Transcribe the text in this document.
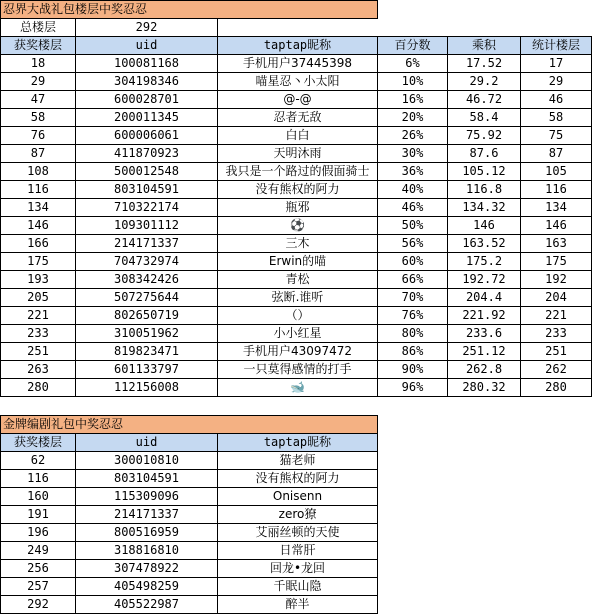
忍界大战礼包楼层中奖忍忍					
总楼层	292				
获奖楼层	uid	taptap昵称	百分数	乘积	统计楼层
18	100081168	手机用户37445398	6%	17.52	17
29	304198346	喵星忍丶小太阳	10%	29.2	29
47	600028701	@-@	16%	46.72	46
58	200011345	忍者无敌	20%	58.4	58
76	600006061	白白	26%	75.92	75
87	411870923	天明沐雨	30%	87.6	87
108	500012548	我只是一个路过的假面骑士	36%	105.12	105
116	803104591	没有熊权的阿力	40%	116.8	116
134	710322174	瓶邪	46%	134.32	134
146	109301112	⚽	50%	146	146
166	214171337	三木	56%	163.52	163
175	704732974	Erwin的喵	60%	175.2	175
193	308342426	青松	66%	192.72	192
205	507275644	弦断.谁听	70%	204.4	204
221	802650719	（）	76%	221.92	221
233	310051962	小小红星	80%	233.6	233
251	819823471	手机用户43097472	86%	251.12	251
263	601133797	一只莫得感情的打手	90%	262.8	262
280	112156008	🐋	96%	280.32	280
金牌编剧礼包中奖忍忍		
获奖楼层	uid	taptap昵称
62	300010810	猫老师
116	803104591	没有熊权的阿力
160	115309096	Onisenn
191	214171337	zero獠
196	800516959	艾丽丝顿的天使
249	318816810	日常肝
256	307478922	回龙•龙回
257	405498259	千眠山隐
292	405522987	醉半
